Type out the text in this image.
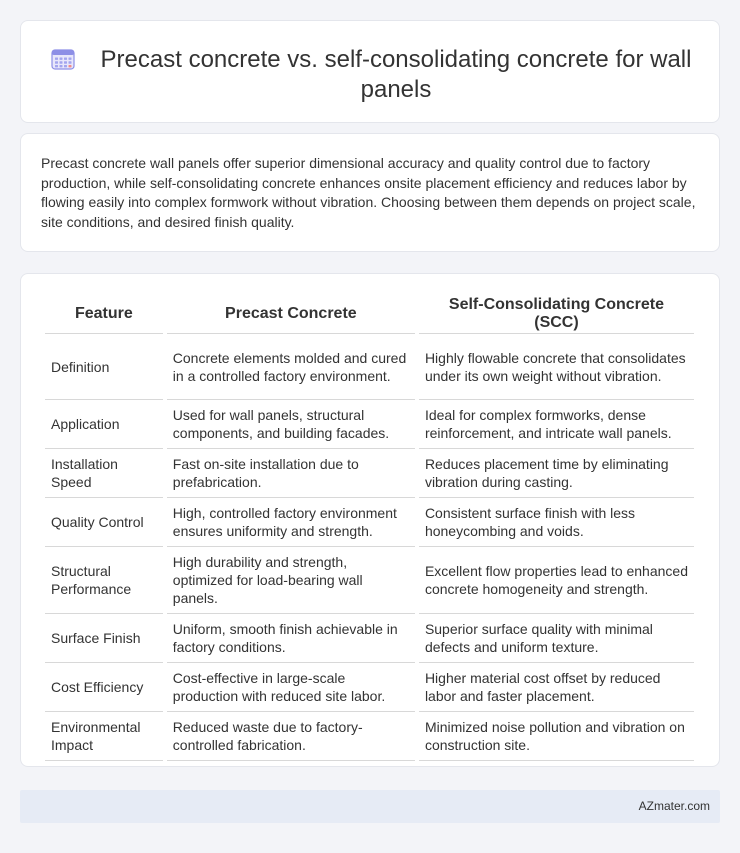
Precast concrete vs. self-consolidating concrete for wall panels

Precast concrete wall panels offer superior dimensional accuracy and quality control due to factory production, while self-consolidating concrete enhances onsite placement efficiency and reduces labor by flowing easily into complex formwork without vibration. Choosing between them depends on project scale, site conditions, and desired finish quality.

Feature	Precast Concrete	Self-Consolidating Concrete (SCC)
Definition	Concrete elements molded and cured in a controlled factory environment.	Highly flowable concrete that consolidates under its own weight without vibration.
Application	Used for wall panels, structural components, and building facades.	Ideal for complex formworks, dense reinforcement, and intricate wall panels.
Installation Speed	Fast on-site installation due to prefabrication.	Reduces placement time by eliminating vibration during casting.
Quality Control	High, controlled factory environment ensures uniformity and strength.	Consistent surface finish with less honeycombing and voids.
Structural Performance	High durability and strength, optimized for load-bearing wall panels.	Excellent flow properties lead to enhanced concrete homogeneity and strength.
Surface Finish	Uniform, smooth finish achievable in factory conditions.	Superior surface quality with minimal defects and uniform texture.
Cost Efficiency	Cost-effective in large-scale production with reduced site labor.	Higher material cost offset by reduced labor and faster placement.
Environmental Impact	Reduced waste due to factory-controlled fabrication.	Minimized noise pollution and vibration on construction site.
AZmater.com
